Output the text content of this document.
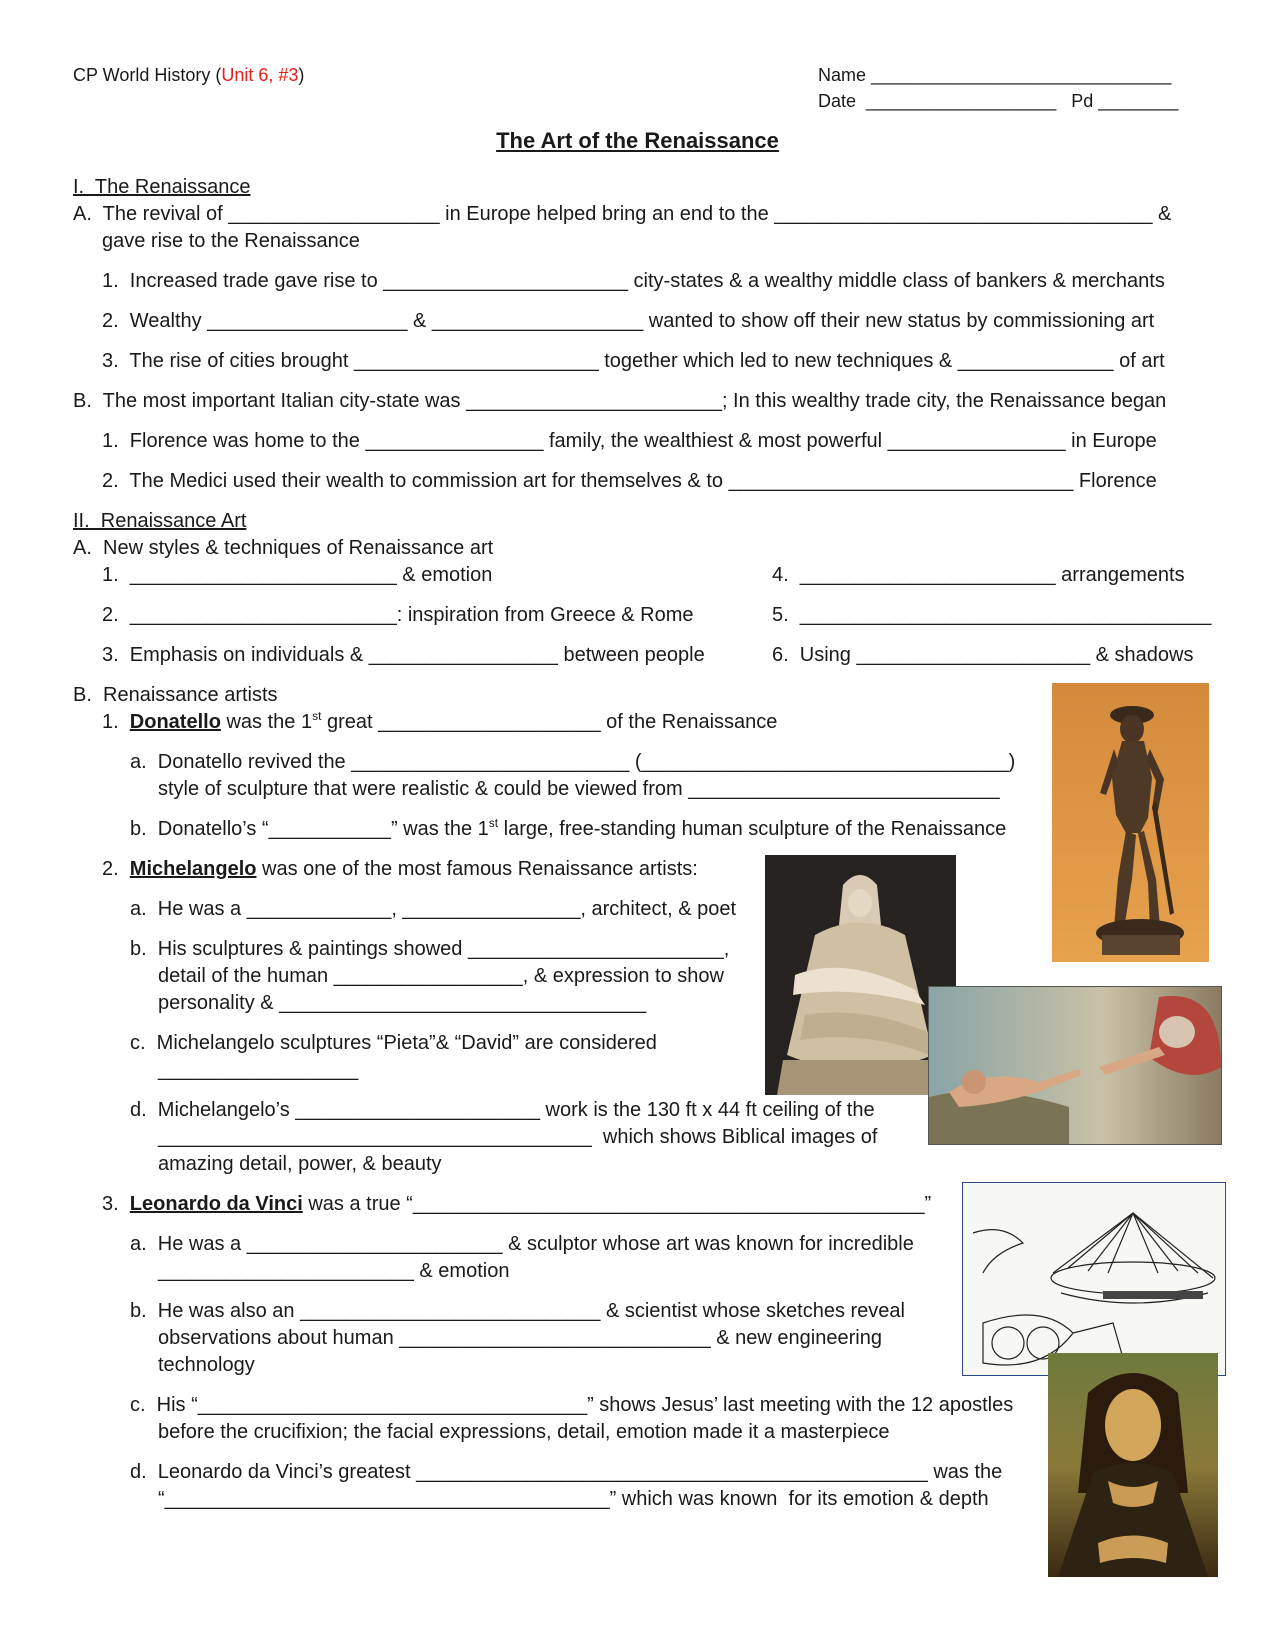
CP World History (Unit 6, #3)	Name ______________________________
Date  ___________________   Pd ________
The Art of the Renaissance
I.  The Renaissance
A.  The revival of ___________________ in Europe helped bring an end to the __________________________________ &
gave rise to the Renaissance
1.  Increased trade gave rise to ______________________ city-states & a wealthy middle class of bankers & merchants
2.  Wealthy __________________ & ___________________ wanted to show off their new status by commissioning art
3.  The rise of cities brought ______________________ together which led to new techniques & ______________ of art
B.  The most important Italian city-state was _______________________; In this wealthy trade city, the Renaissance began
1.  Florence was home to the ________________ family, the wealthiest & most powerful ________________ in Europe
2.  The Medici used their wealth to commission art for themselves & to _______________________________ Florence
II.  Renaissance Art
A.  New styles & techniques of Renaissance art
1.  ________________________ & emotion
2.  ________________________: inspiration from Greece & Rome
3.  Emphasis on individuals & _________________ between people
4.  _______________________ arrangements
5.  _____________________________________
6.  Using _____________________ & shadows
B.  Renaissance artists
1.  Donatello was the 1st great ____________________ of the Renaissance
a.  Donatello revived the _________________________ (_________________________________)
style of sculpture that were realistic & could be viewed from ____________________________
b.  Donatello’s “___________” was the 1st large, free-standing human sculpture of the Renaissance
2.  Michelangelo was one of the most famous Renaissance artists:
a.  He was a _____________, ________________, architect, & poet
b.  His sculptures & paintings showed _______________________,
detail of the human _________________, & expression to show
personality & _________________________________
c.  Michelangelo sculptures “Pieta”& “David” are considered
__________________
d.  Michelangelo’s ______________________ work is the 130 ft x 44 ft ceiling of the
_______________________________________  which shows Biblical images of
amazing detail, power, & beauty
3.  Leonardo da Vinci was a true “______________________________________________”
a.  He was a _______________________ & sculptor whose art was known for incredible
_______________________ & emotion
b.  He was also an ___________________________ & scientist whose sketches reveal
observations about human ____________________________ & new engineering
technology
c.  His “___________________________________” shows Jesus’ last meeting with the 12 apostles
before the crucifixion; the facial expressions, detail, emotion made it a masterpiece
d.  Leonardo da Vinci’s greatest ______________________________________________ was the
“________________________________________” which was known  for its emotion & depth
